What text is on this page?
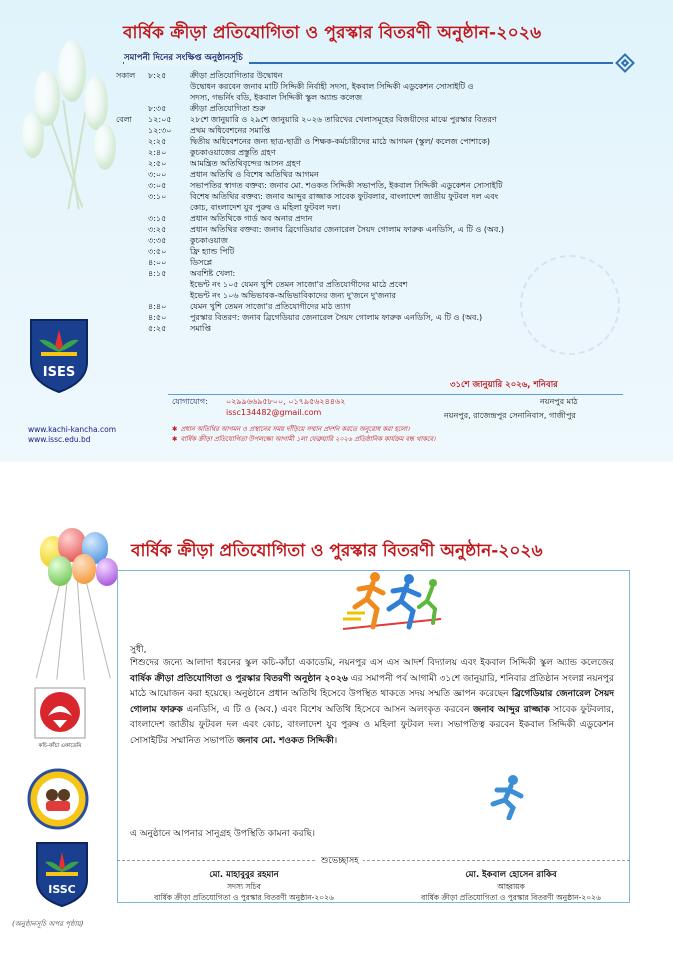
বার্ষিক ক্রীড়া প্রতিযোগিতা ও পুরস্কার বিতরণী অনুষ্ঠান-২০২৬
সমাপনী দিনের সংক্ষিপ্ত অনুষ্ঠানসূচি
সকাল	৮:২৫	ক্রীড়া প্রতিযোগিতার উদ্বোধন
উদ্বোধন করবেন জনাব মাটি সিদ্দিকী নির্বাহী সদস্য, ইকবাল সিদ্দিকী এডুকেশন সোসাইটি ও
সদস্য, গভর্নিং বডি, ইকবাল সিদ্দিকী স্কুল অ্যান্ড কলেজ
৮:৩৫	ক্রীড়া প্রতিযোগিতা শুরু
বেলা	১২:০৫	২৮শে জানুয়ারি ও ২৯শে জানুয়ারি ২০২৬ তারিখের খেলাসমূহের বিজয়ীদের মাঝে পুরস্কার বিতরণ
১২:৩০	প্রথম অধিবেশনের সমাপ্তি
২:২৫	দ্বিতীয় অধিবেশনের জন্য ছাত্র-ছাত্রী ও শিক্ষক-কর্মচারীদের মাঠে আগমন (স্কুল/ কলেজ পোশাকে)
২:৪০	কুচকাওয়াজের প্রস্তুতি গ্রহণ
২:৫০	আমন্ত্রিত অতিথিবৃন্দের আসন গ্রহণ
৩:০০	প্রধান অতিথি ও বিশেষ অতিথির আগমন
৩:০৫	সভাপতির স্বাগত বক্তব্য: জনাব মো. শওকত সিদ্দিকী সভাপতি, ইকবাল সিদ্দিকী এডুকেশন সোসাইটি
৩:১০	বিশেষ অতিথির বক্তব্য: জনাব আব্দুর রাজ্জাক সাবেক ফুটবলার, বাংলাদেশ জাতীয় ফুটবল দল এবং
কোচ, বাংলাদেশ যুব পুরুষ ও মহিলা ফুটবল দল।
৩:১৫	প্রধান অতিথিকে গার্ড অব অনার প্রদান
৩:২৫	প্রধান অতিথির বক্তব্য: জনাব ব্রিগেডিয়ার জেনারেল সৈয়দ গোলাম ফারুক এনডিসি, এ টি ও (অব.)
৩:৩৫	কুচকাওয়াজ
৩:৫০	ফ্রি হ্যান্ড পিটি
৪:০০	ডিসপ্লে
৪:১৫	অবশিষ্ট খেলা:
ইভেন্ট নং ১০৫ যেমন খুশি তেমন সাজো'র প্রতিযোগীদের মাঠে প্রবেশ
ইভেন্ট নং ১০৬ অভিভাবক-অভিভাবিকাদের জন্য দু'জনে দু'জনার
৪:৪০	যেমন খুশি তেমন সাজো'র প্রতিযোগীদের মাঠ ত্যাগ
৪:৫০	পুরস্কার বিতরণ: জনাব ব্রিগেডিয়ার জেনারেল সৈয়দ গোলাম ফারুক এনডিসি, এ টি ও (অব.)
৫:২৫	সমাপ্তি
ISES
www.kachi-kancha.com
www.issc.edu.bd
৩১শে জানুয়ারি ২০২৬, শনিবার
যোগাযোগ: ০২৯৯৬৬৯৫৮০০, ০১৭৯৫৬২৪৪৬২
issc134482@gmail.com
নয়নপুর মাঠ
নয়নপুর, রাজেন্দ্রপুর সেনানিবাস, গাজীপুর
✱ প্রধান অতিথির আগমন ও প্রস্থানের সময় দাঁড়িয়ে সম্মান প্রদর্শন করতে অনুরোধ করা হলো।
✱ বার্ষিক ক্রীড়া প্রতিযোগিতা উপলক্ষ্যে আগামী ১লা ফেব্রুয়ারি ২০২৬ প্রতিষ্ঠানিক কার্যক্রম বন্ধ থাকবে।
বার্ষিক ক্রীড়া প্রতিযোগিতা ও পুরস্কার বিতরণী অনুষ্ঠান-২০২৬
সুধী,
শিশুদের জন্যে আলাদা ধরনের স্কুল কচি-কাঁচা একাডেমি, নয়নপুর এস এস আদর্শ বিদ্যালয় এবং ইকবাল সিদ্দিকী স্কুল অ্যান্ড কলেজের বার্ষিক ক্রীড়া প্রতিযোগিতা ও পুরস্কার বিতরণী অনুষ্ঠান ২০২৬ এর সমাপনী পর্ব আগামী ৩১শে জানুয়ারি, শনিবার প্রতিষ্ঠান সংলগ্ন নয়নপুর মাঠে আয়োজন করা হয়েছে। অনুষ্ঠানে প্রধান অতিথি হিসেবে উপস্থিত থাকতে সদয় সম্মতি জ্ঞাপন করেছেন ব্রিগেডিয়ার জেনারেল সৈয়দ গোলাম ফারুক এনডিসি, এ টি ও (অব.) এবং বিশেষ অতিথি হিসেবে আসন অলংকৃত করবেন জনাব আব্দুর রাজ্জাক সাবেক ফুটবলার, বাংলাদেশ জাতীয় ফুটবল দল এবং কোচ, বাংলাদেশ যুব পুরুষ ও মহিলা ফুটবল দল। সভাপতিত্ব করবেন ইকবাল সিদ্দিকী এডুকেশন সোসাইটির সম্মানিত সভাপতি জনাব মো. শওকত সিদ্দিকী।
এ অনুষ্ঠানে আপনার সানুগ্রহ উপস্থিতি কামনা করছি।
শুভেচ্ছাসহ
মো. মাহাবুবুর রহমান
সদস্য সচিব
বার্ষিক ক্রীড়া প্রতিযোগিতা ও পুরস্কার বিতরণী অনুষ্ঠান-২০২৬
মো. ইকবাল হোসেন রাকিব
আহ্বায়ক
বার্ষিক ক্রীড়া প্রতিযোগিতা ও পুরস্কার বিতরণী অনুষ্ঠান-২০২৬
কচি-কাঁচা একাডেমি
ISSC
(অনুষ্ঠানসূচি অপর পৃষ্ঠায়)
